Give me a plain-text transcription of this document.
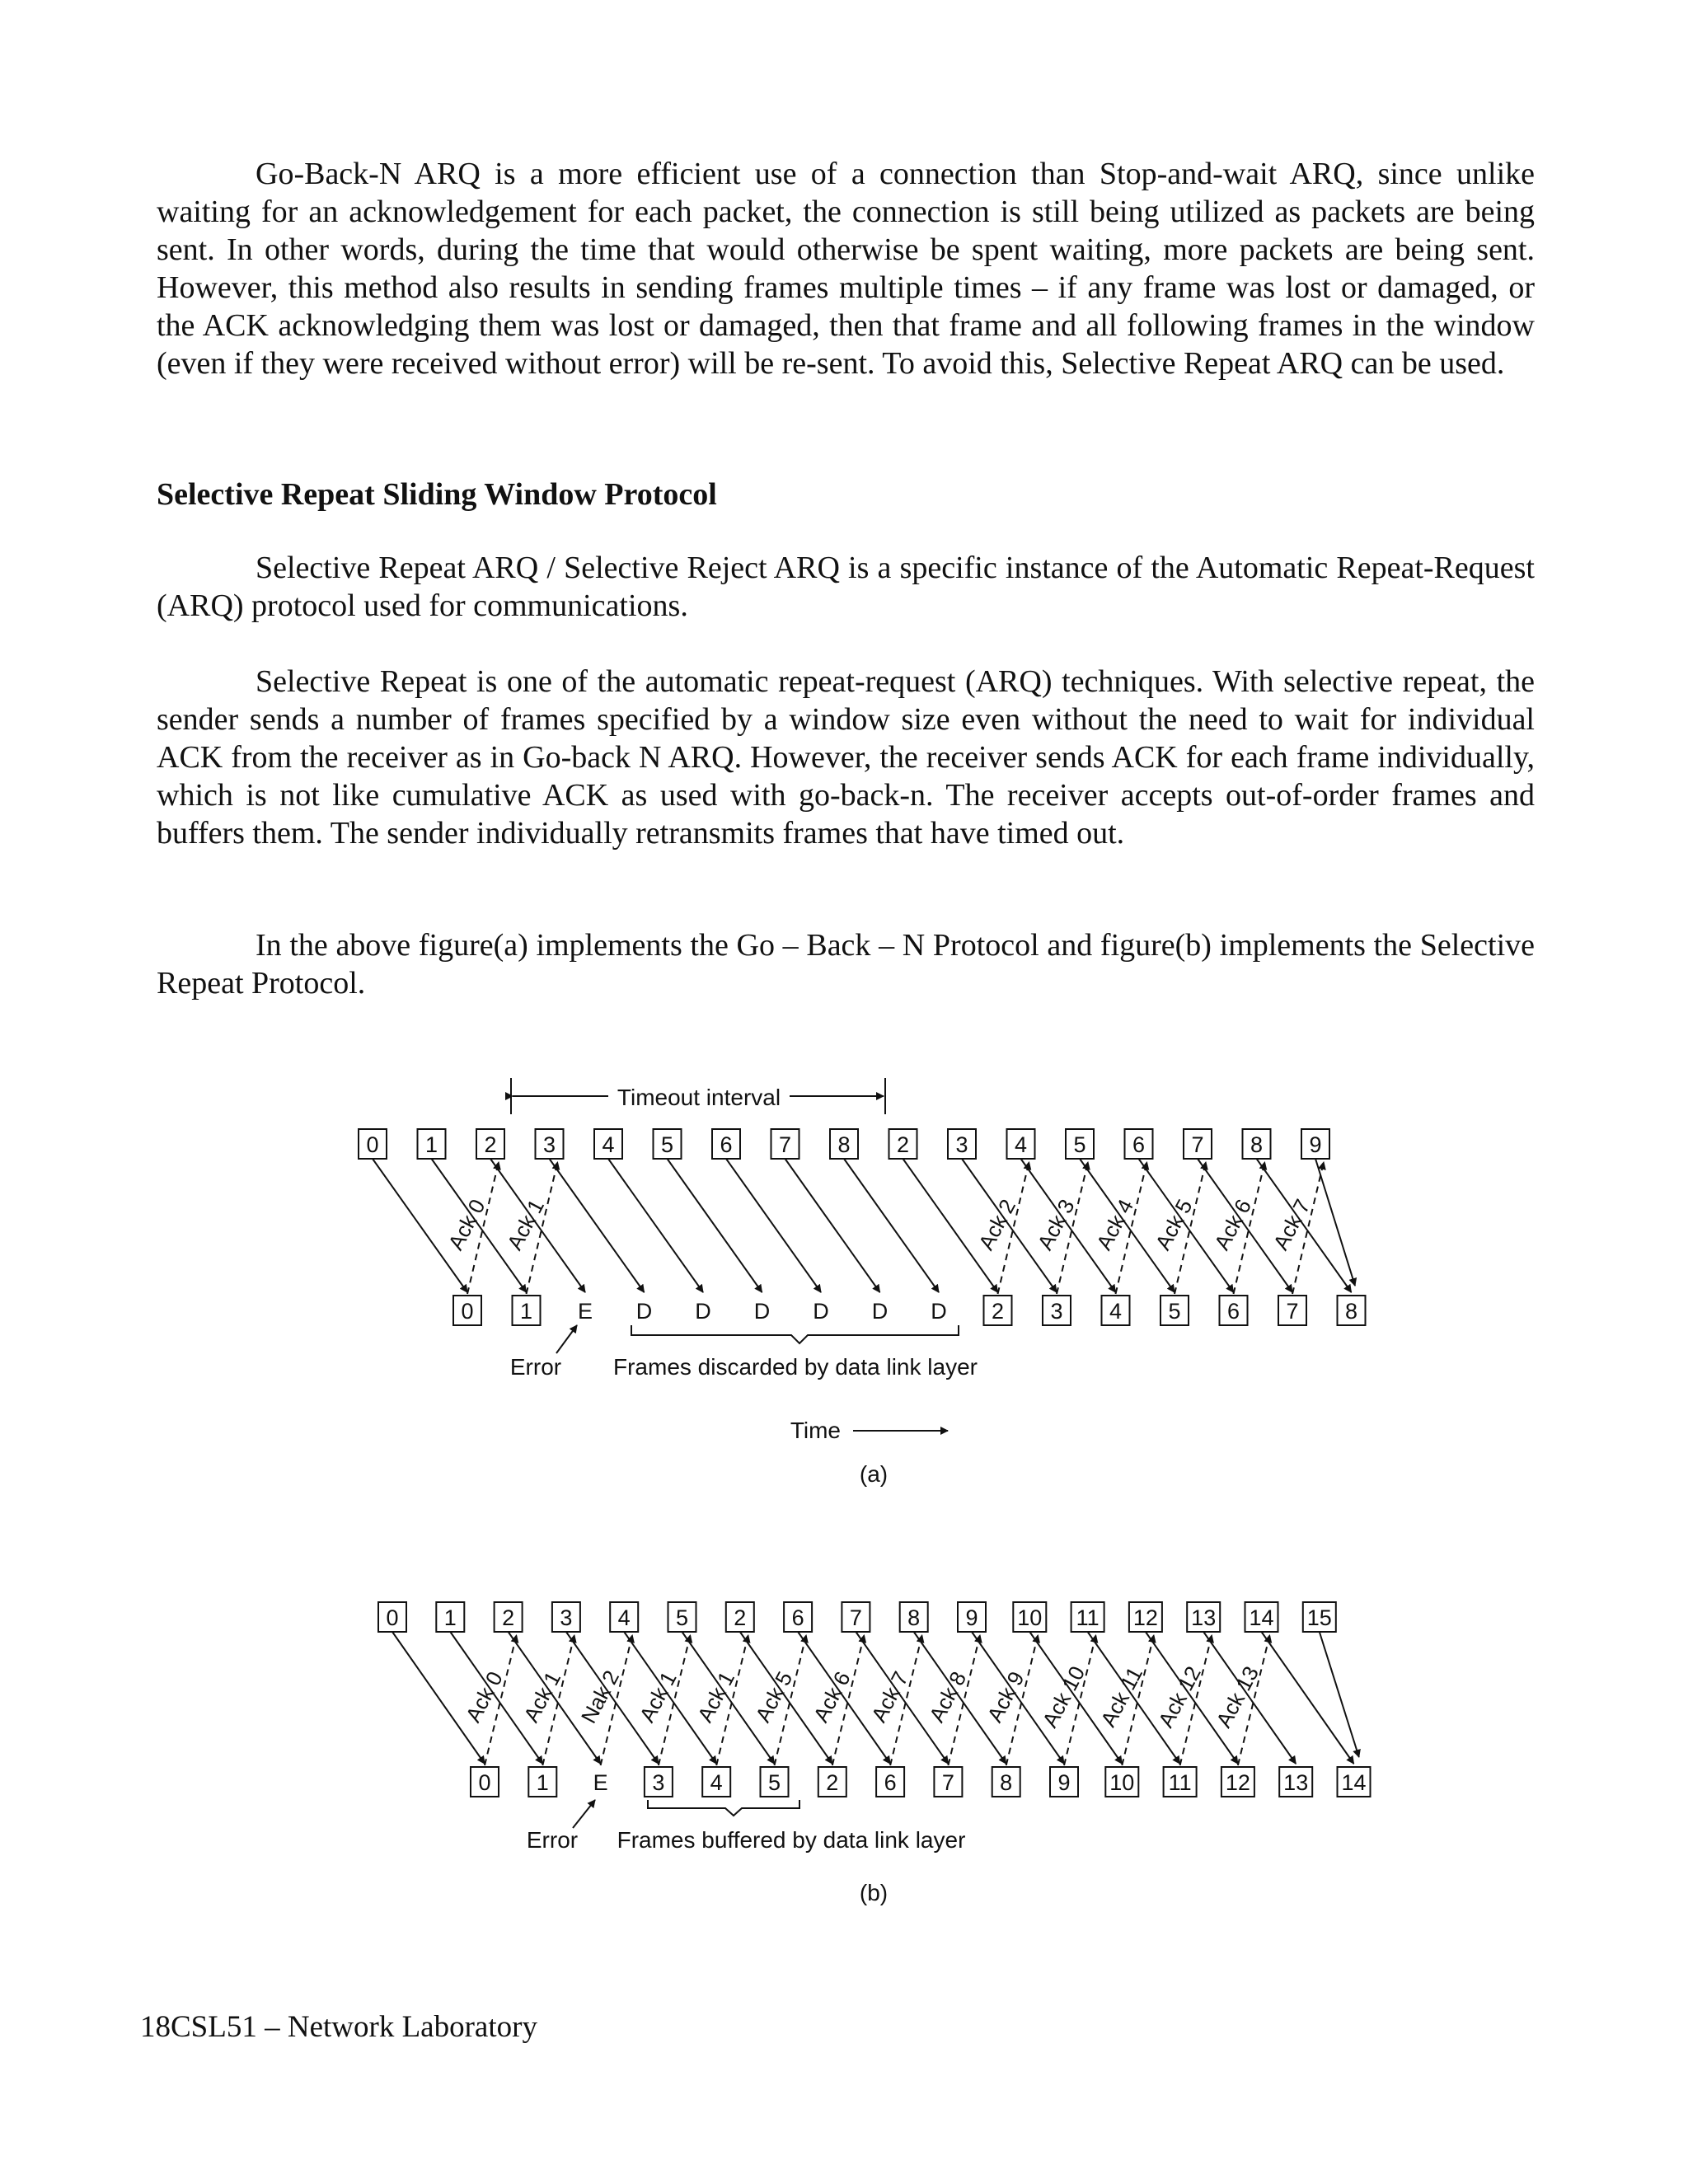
Go-Back-N ARQ is a more efficient use of a connection than Stop-and-wait ARQ, since unlike waiting for an acknowledgement for each packet, the connection is still being utilized as packets are being sent. In other words, during the time that would otherwise be spent waiting, more packets are being sent. However, this method also results in sending frames multiple times – if any frame was lost or damaged, or the ACK acknowledging them was lost or damaged, then that frame and all following frames in the window (even if they were received without error) will be re-sent. To avoid this, Selective Repeat ARQ can be used.

Selective Repeat Sliding Window Protocol

Selective Repeat ARQ / Selective Reject ARQ is a specific instance of the Automatic Repeat-Request (ARQ) protocol used for communications.

Selective Repeat is one of the automatic repeat-request (ARQ) techniques. With selective repeat, the sender sends a number of frames specified by a window size even without the need to wait for individual ACK from the receiver as in Go-back N ARQ. However, the receiver sends ACK for each frame individually, which is not like cumulative ACK as used with go-back-n. The receiver accepts out-of-order frames and buffers them. The sender individually retransmits frames that have timed out.

In the above figure(a) implements the Go – Back – N Protocol and figure(b) implements the Selective Repeat Protocol.

Timeout interval
Ack 0 Ack 1	Ack 2 Ack 3 Ack 4 Ack 5 Ack 6 Ack 7
0 1 2 3 4 5 6 7 8 2 3 4 5 6 7 8 9
0 1 E D D D D D D 2 3 4 5 6 7 8
Error Frames discarded by data link layer
Time
(a)
Ack 0 Ack 1 Nak 2 Ack 1 Ack 1 Ack 5 Ack 6 Ack 7 Ack 8 Ack 9 Ack 10 Ack 11 Ack 12 Ack 13
0 1 2 3 4 5 2 6 7 8 9 10 11 12 13 14 15
0 1 E 3 4 5 2 6 7 8 9 10 11 12 13 14
Error Frames buffered by data link layer
(b)

18CSL51 – Network Laboratory
